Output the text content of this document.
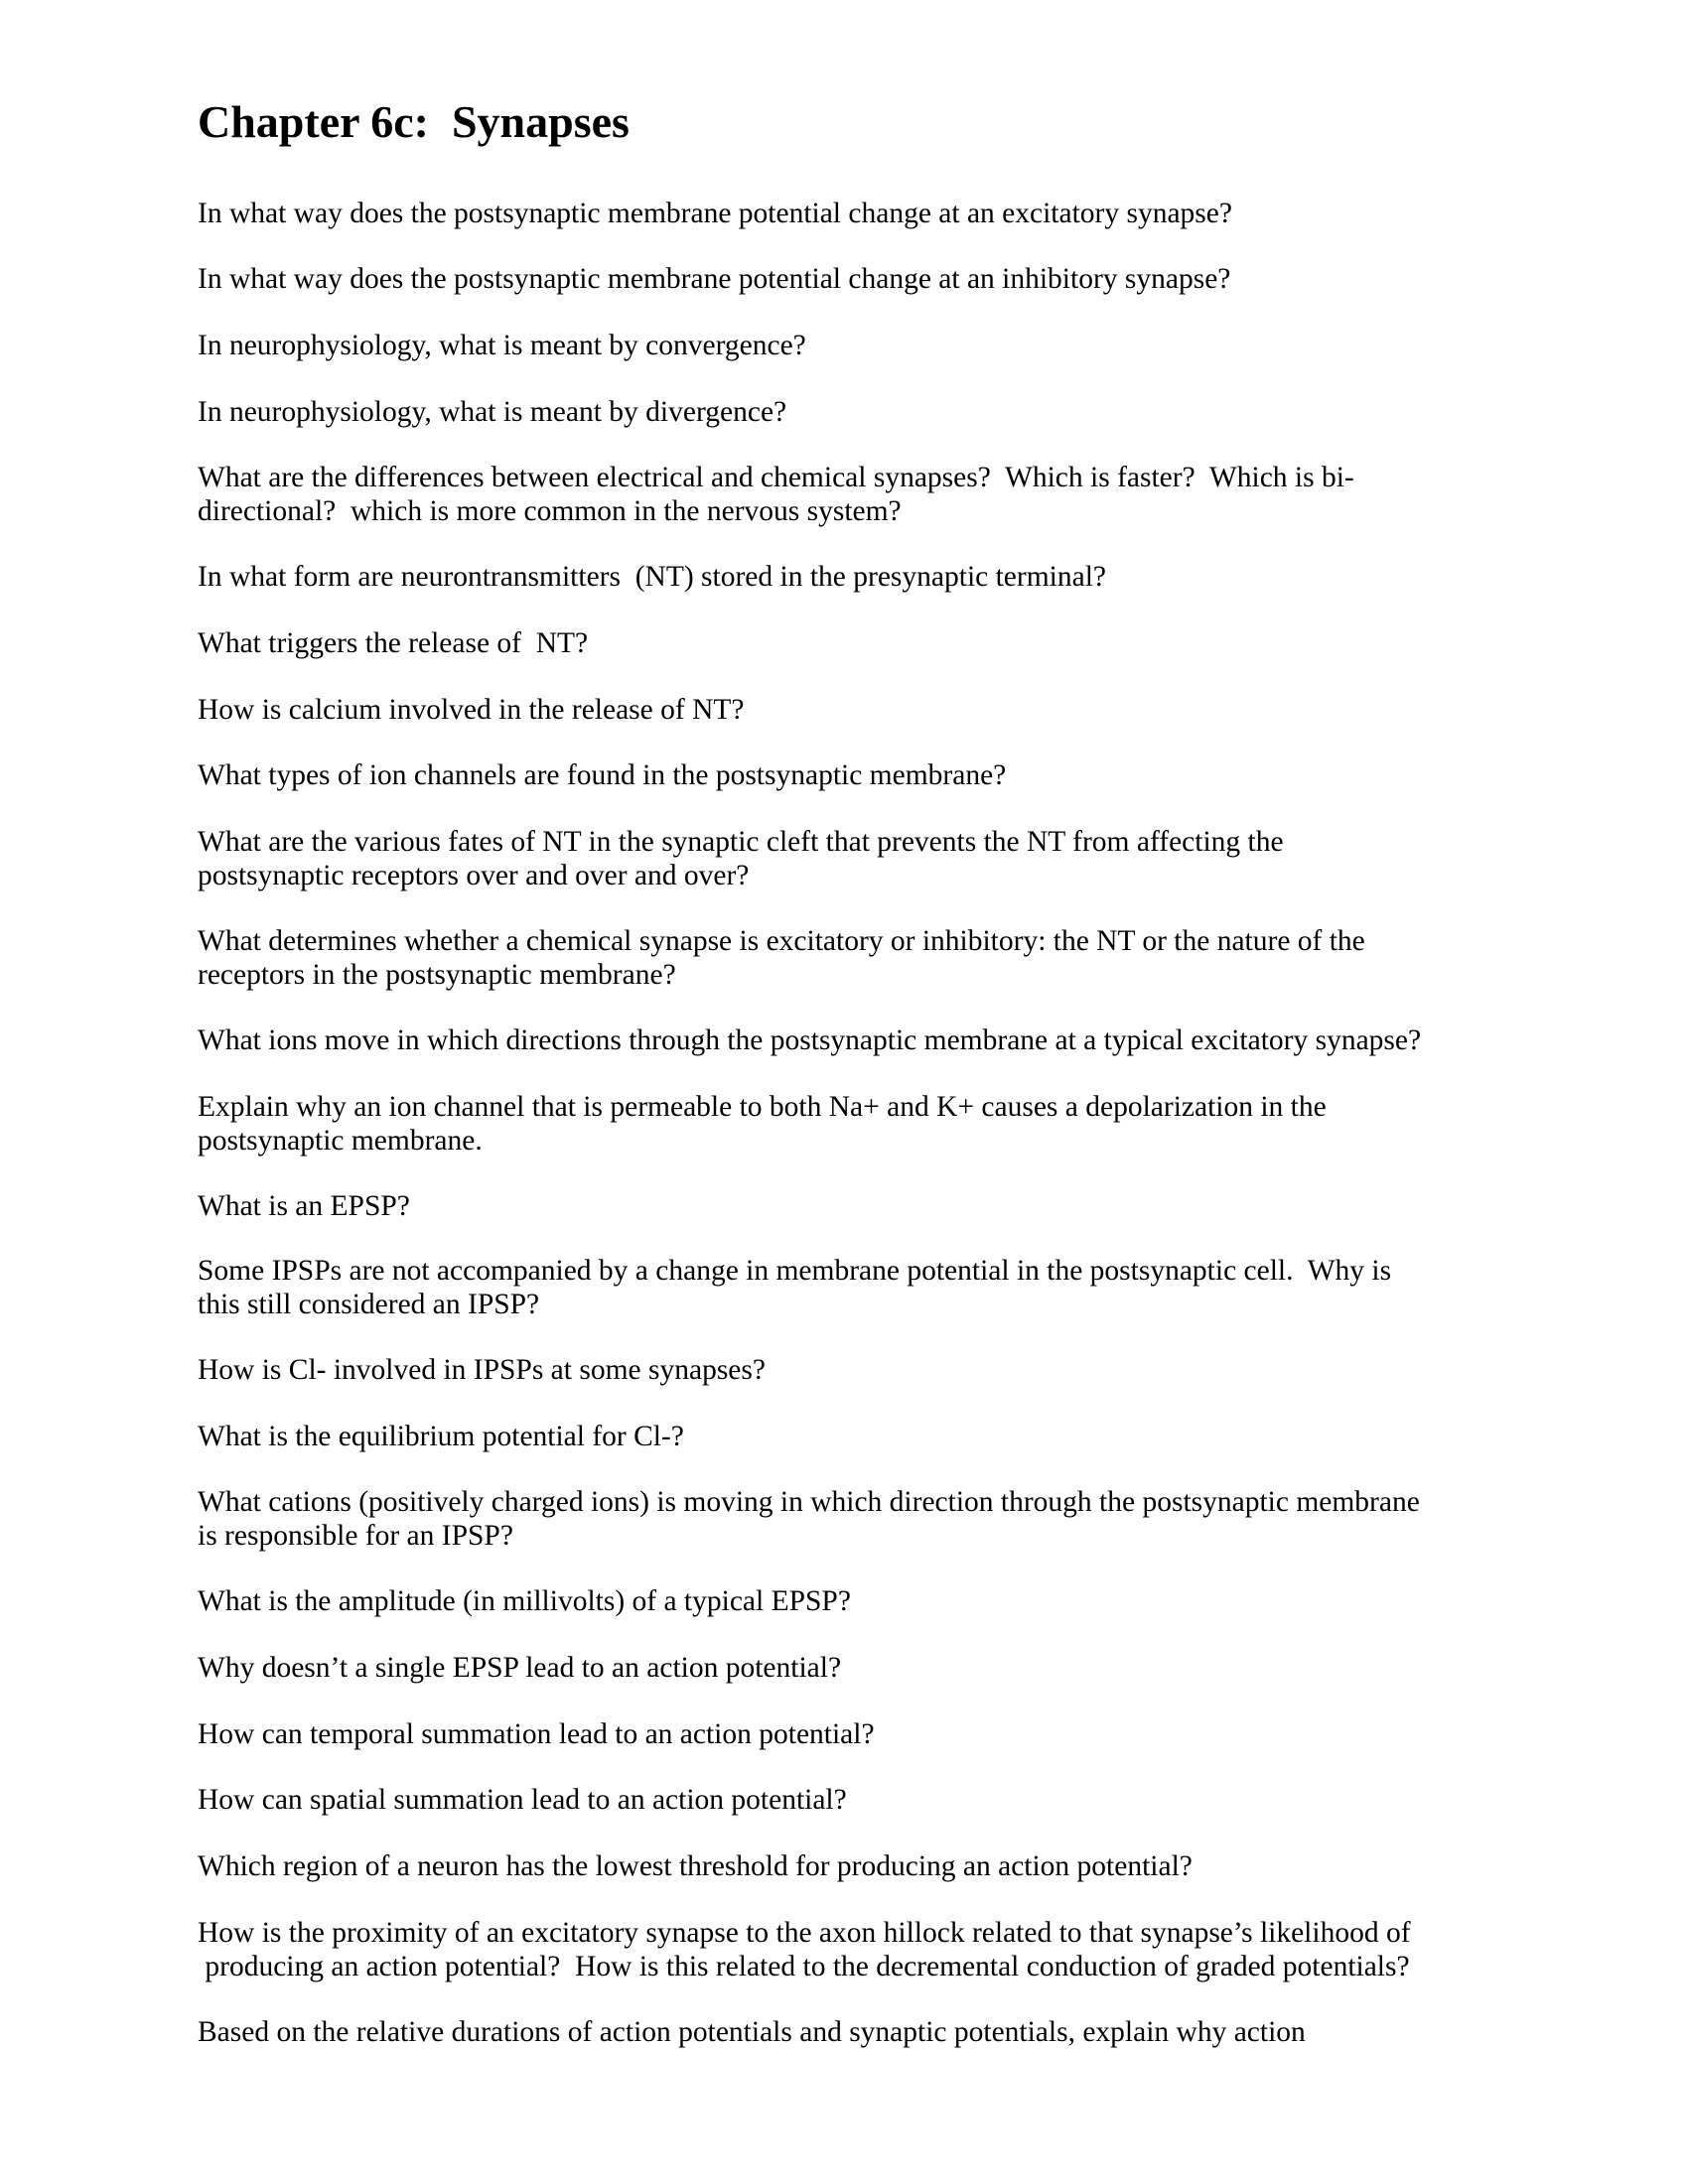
Chapter 6c:  Synapses

In what way does the postsynaptic membrane potential change at an excitatory synapse?

In what way does the postsynaptic membrane potential change at an inhibitory synapse?

In neurophysiology, what is meant by convergence?

In neurophysiology, what is meant by divergence?

What are the differences between electrical and chemical synapses?  Which is faster?  Which is bi-
directional?  which is more common in the nervous system?

In what form are neurontransmitters  (NT) stored in the presynaptic terminal?

What triggers the release of  NT?

How is calcium involved in the release of NT?

What types of ion channels are found in the postsynaptic membrane?

What are the various fates of NT in the synaptic cleft that prevents the NT from affecting the
postsynaptic receptors over and over and over?

What determines whether a chemical synapse is excitatory or inhibitory: the NT or the nature of the
receptors in the postsynaptic membrane?

What ions move in which directions through the postsynaptic membrane at a typical excitatory synapse?

Explain why an ion channel that is permeable to both Na+ and K+ causes a depolarization in the
postsynaptic membrane.

What is an EPSP?

Some IPSPs are not accompanied by a change in membrane potential in the postsynaptic cell.  Why is
this still considered an IPSP?

How is Cl- involved in IPSPs at some synapses?

What is the equilibrium potential for Cl-?

What cations (positively charged ions) is moving in which direction through the postsynaptic membrane
is responsible for an IPSP?

What is the amplitude (in millivolts) of a typical EPSP?

Why doesn’t a single EPSP lead to an action potential?

How can temporal summation lead to an action potential?

How can spatial summation lead to an action potential?

Which region of a neuron has the lowest threshold for producing an action potential?

How is the proximity of an excitatory synapse to the axon hillock related to that synapse’s likelihood of
producing an action potential?  How is this related to the decremental conduction of graded potentials?

Based on the relative durations of action potentials and synaptic potentials, explain why action
